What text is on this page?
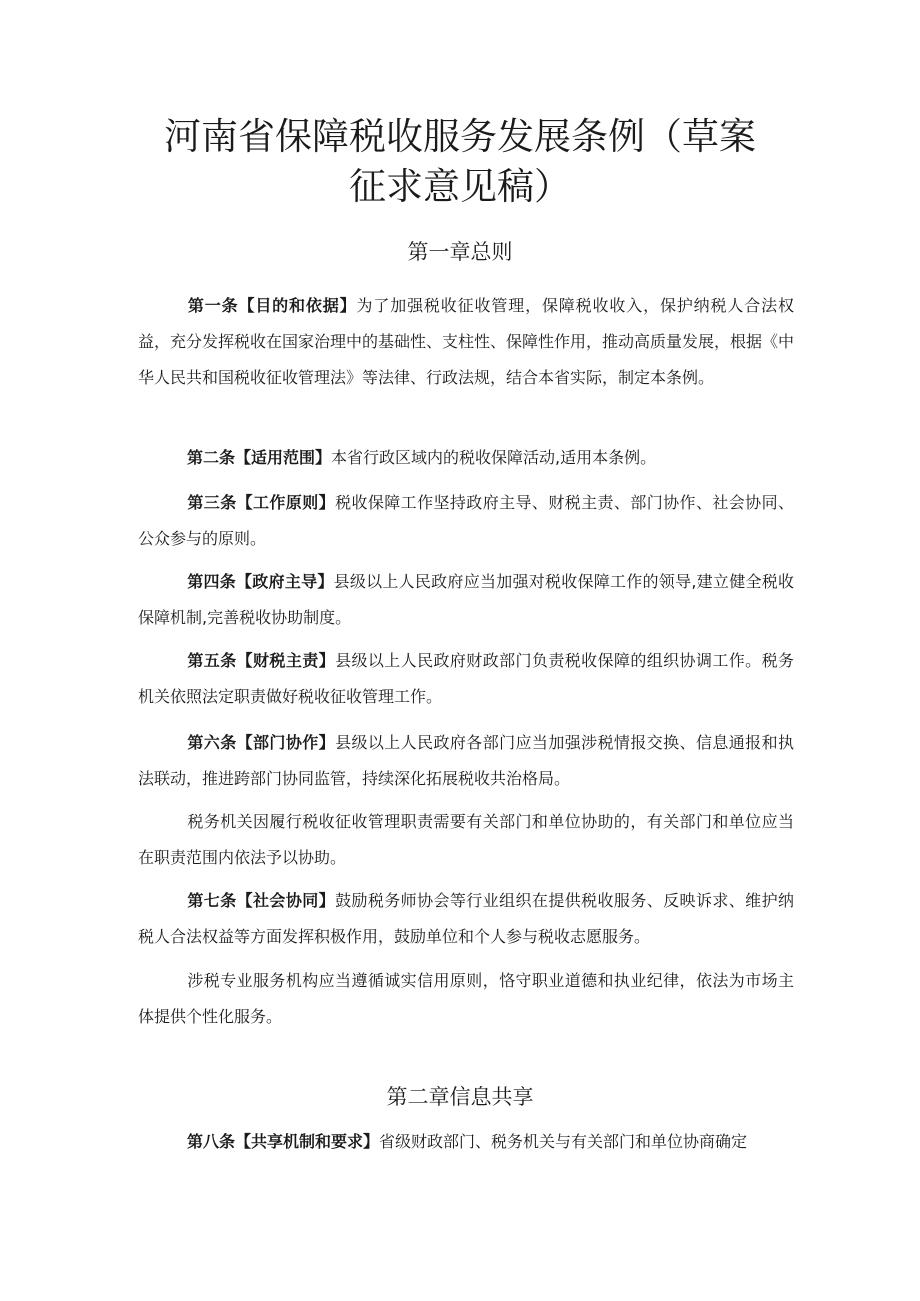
河南省保障税收服务发展条例（草案
征求意见稿）
第一章总则
第一条【目的和依据】为了加强税收征收管理，保障税收收入，保护纳税人合法权益，充分发挥税收在国家治理中的基础性、支柱性、保障性作用，推动高质量发展，根据《中华人民共和国税收征收管理法》等法律、行政法规，结合本省实际，制定本条例。
第二条【适用范围】本省行政区域内的税收保障活动,适用本条例。
第三条【工作原则】税收保障工作坚持政府主导、财税主责、部门协作、社会协同、公众参与的原则。
第四条【政府主导】县级以上人民政府应当加强对税收保障工作的领导,建立健全税收保障机制,完善税收协助制度。
第五条【财税主责】县级以上人民政府财政部门负责税收保障的组织协调工作。税务机关依照法定职责做好税收征收管理工作。
第六条【部门协作】县级以上人民政府各部门应当加强涉税情报交换、信息通报和执法联动，推进跨部门协同监管，持续深化拓展税收共治格局。
税务机关因履行税收征收管理职责需要有关部门和单位协助的，有关部门和单位应当在职责范围内依法予以协助。
第七条【社会协同】鼓励税务师协会等行业组织在提供税收服务、反映诉求、维护纳税人合法权益等方面发挥积极作用，鼓励单位和个人参与税收志愿服务。
涉税专业服务机构应当遵循诚实信用原则，恪守职业道德和执业纪律，依法为市场主体提供个性化服务。
第二章信息共享
第八条【共享机制和要求】省级财政部门、税务机关与有关部门和单位协商确定
